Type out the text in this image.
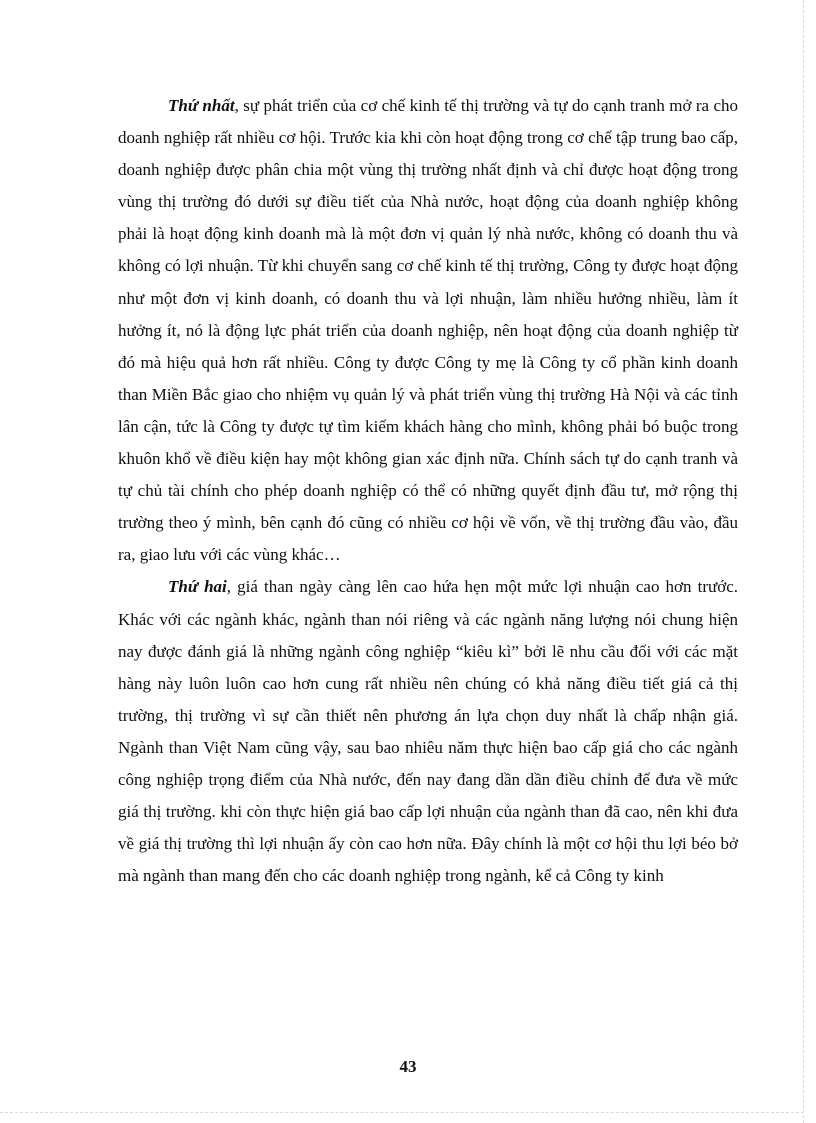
Thứ nhất, sự phát triển của cơ chế kinh tế thị trường và tự do cạnh tranh mở ra cho doanh nghiệp rất nhiều cơ hội. Trước kia khi còn hoạt động trong cơ chế tập trung bao cấp, doanh nghiệp được phân chia một vùng thị trường nhất định và chỉ được hoạt động trong vùng thị trường đó dưới sự điều tiết của Nhà nước, hoạt động của doanh nghiệp không phải là hoạt động kinh doanh mà là một đơn vị quản lý nhà nước, không có doanh thu và không có lợi nhuận. Từ khi chuyển sang cơ chế kinh tế thị trường, Công ty được hoạt động như một đơn vị kinh doanh, có doanh thu và lợi nhuận, làm nhiều hưởng nhiều, làm ít hưởng ít, nó là động lực phát triển của doanh nghiệp, nên hoạt động của doanh nghiệp từ đó mà hiệu quả hơn rất nhiều. Công ty được Công ty mẹ là Công ty cổ phần kinh doanh than Miền Bắc giao cho nhiệm vụ quản lý và phát triển vùng thị trường Hà Nội và các tỉnh lân cận, tức là Công ty được tự tìm kiếm khách hàng cho mình, không phải bó buộc trong khuôn khổ về điều kiện hay một không gian xác định nữa. Chính sách tự do cạnh tranh và tự chủ tài chính cho phép doanh nghiệp có thể có những quyết định đầu tư, mở rộng thị trường theo ý mình, bên cạnh đó cũng có nhiều cơ hội về vốn, về thị trường đầu vào, đầu ra, giao lưu với các vùng khác…

Thứ hai, giá than ngày càng lên cao hứa hẹn một mức lợi nhuận cao hơn trước. Khác với các ngành khác, ngành than nói riêng và các ngành năng lượng nói chung hiện nay được đánh giá là những ngành công nghiệp “kiêu kì” bởi lẽ nhu cầu đối với các mặt hàng này luôn luôn cao hơn cung rất nhiều nên chúng có khả năng điều tiết giá cả thị trường, thị trường vì sự cần thiết nên phương án lựa chọn duy nhất là chấp nhận giá. Ngành than Việt Nam cũng vậy, sau bao nhiêu năm thực hiện bao cấp giá cho các ngành công nghiệp trọng điểm của Nhà nước, đến nay đang dần dần điều chỉnh để đưa về mức giá thị trường. khi còn thực hiện giá bao cấp lợi nhuận của ngành than đã cao, nên khi đưa về giá thị trường thì lợi nhuận ấy còn cao hơn nữa. Đây chính là một cơ hội thu lợi béo bở mà ngành than mang đến cho các doanh nghiệp trong ngành, kể cả Công ty kinh

43
